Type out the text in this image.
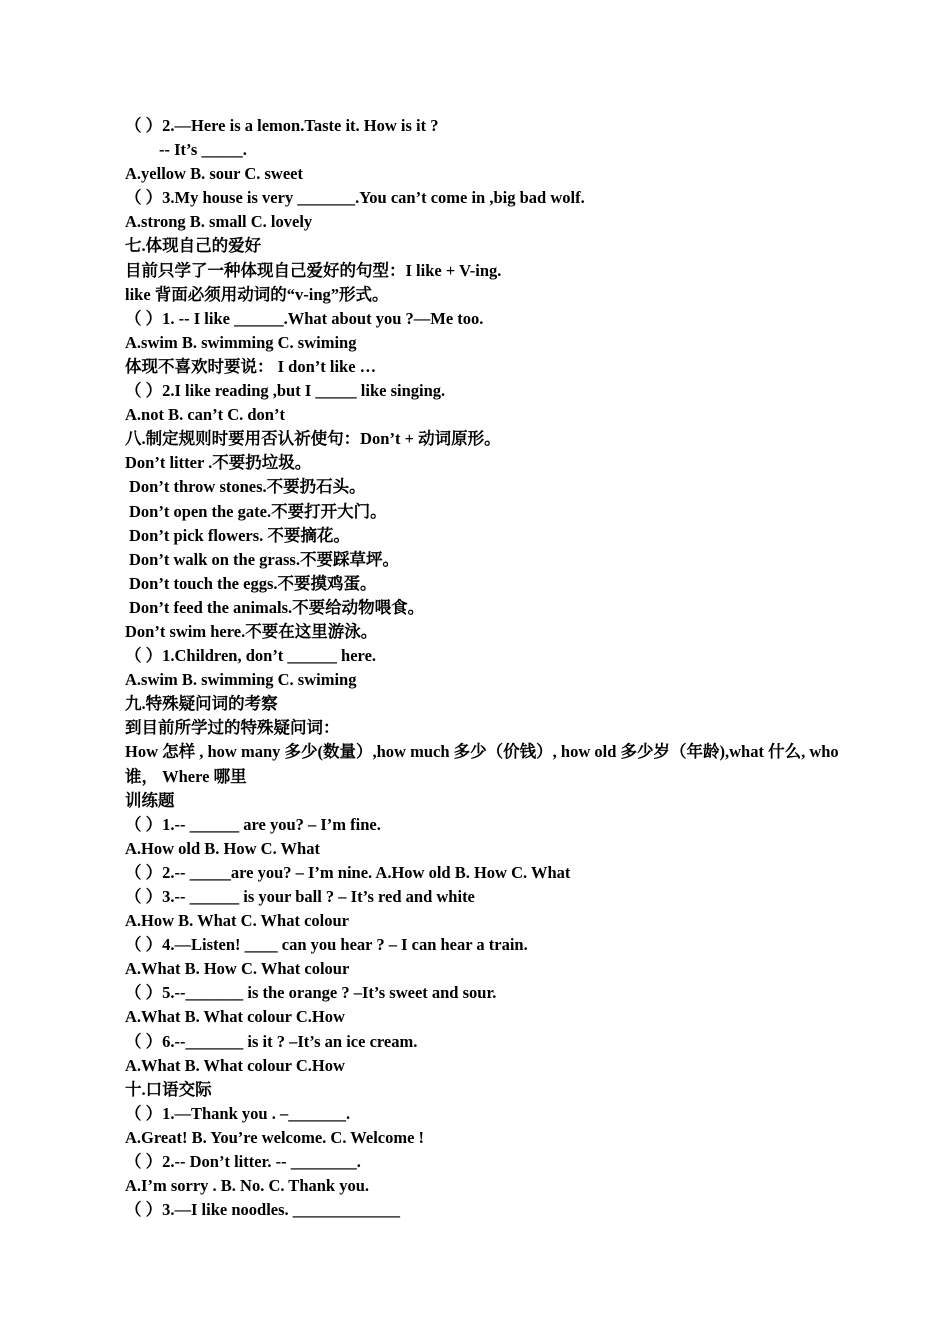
（ ）2.—Here is a lemon.Taste it. How is it ?
-- It’s _____.
A.yellow B. sour C. sweet
（ ）3.My house is very _______.You can’t come in ,big bad wolf.
A.strong B. small C. lovely
七.体现自己的爱好
目前只学了一种体现自己爱好的句型：I like + V-ing.
like 背面必须用动词的“v-ing”形式。
（ ）1. -- I like ______.What about you ?—Me too.
A.swim B. swimming C. swiming
体现不喜欢时要说： I don’t like …
（ ）2.I like reading ,but I _____ like singing.
A.not B. can’t C. don’t
八.制定规则时要用否认祈使句：Don’t + 动词原形。
Don’t litter .不要扔垃圾。
Don’t throw stones.不要扔石头。
Don’t open the gate.不要打开大门。
Don’t pick flowers. 不要摘花。
Don’t walk on the grass.不要踩草坪。
Don’t touch the eggs.不要摸鸡蛋。
Don’t feed the animals.不要给动物喂食。
Don’t swim here.不要在这里游泳。
（ ）1.Children, don’t ______ here.
A.swim B. swimming C. swiming
九.特殊疑问词的考察
到目前所学过的特殊疑问词：
How 怎样 , how many 多少(数量）,how much 多少（价钱）, how old 多少岁（年龄),what 什么, who 谁， Where 哪里
训练题
（ ）1.-- ______ are you? – I’m fine.
A.How old B. How C. What
（ ）2.-- _____are you? – I’m nine. A.How old B. How C. What
（ ）3.-- ______ is your ball ? – It’s red and white
A.How B. What C. What colour
（ ）4.—Listen! ____ can you hear ? – I can hear a train.
A.What B. How C. What colour
（ ）5.--_______ is the orange ? –It’s sweet and sour.
A.What B. What colour C.How
（ ）6.--_______ is it ? –It’s an ice cream.
A.What B. What colour C.How
十.口语交际
（ ）1.—Thank you . –_______.
A.Great! B. You’re welcome. C. Welcome !
（ ）2.-- Don’t litter. -- ________.
A.I’m sorry . B. No. C. Thank you.
（ ）3.—I like noodles. _____________
